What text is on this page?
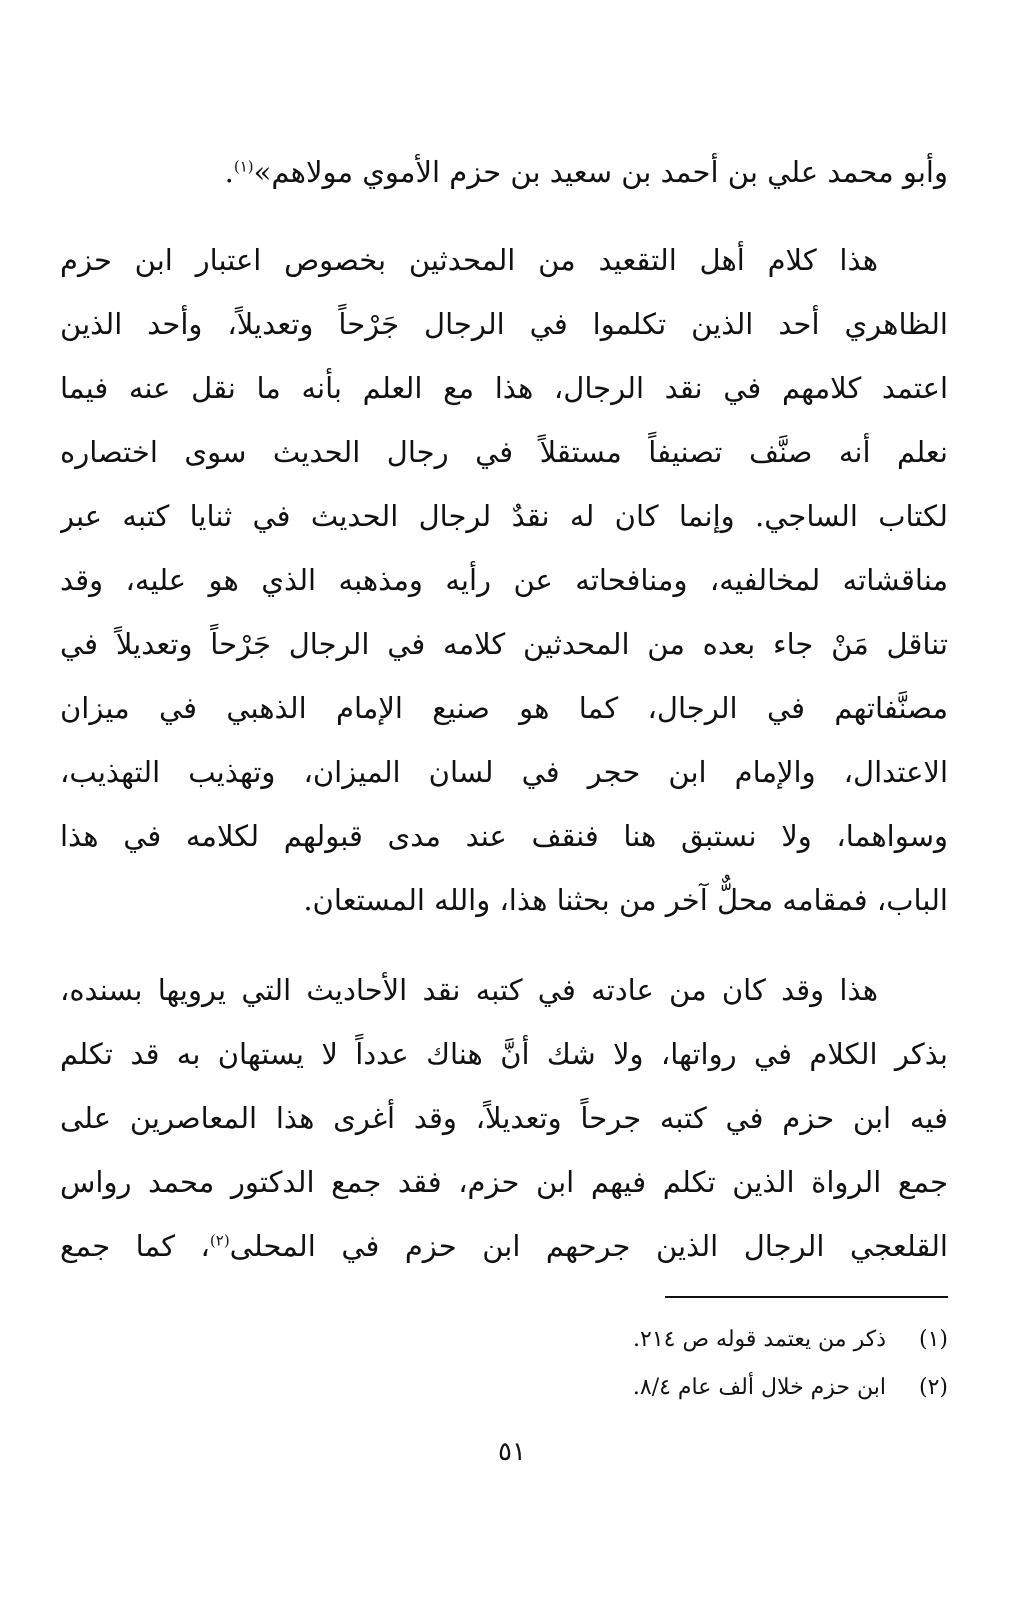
وأبو محمد علي بن أحمد بن سعيد بن حزم الأموي مولاهم»$^{(١)}$.
هذا كلام أهل التقعيد من المحدثين بخصوص اعتبار ابن حزم
الظاهري أحد الذين تكلموا في الرجال جَرْحاً وتعديلاً، وأحد الذين
اعتمد كلامهم في نقد الرجال، هذا مع العلم بأنه ما نقل عنه فيما
نعلم أنه صنَّف تصنيفاً مستقلاً في رجال الحديث سوى اختصاره
لكتاب الساجي. وإنما كان له نقدٌ لرجال الحديث في ثنايا كتبه عبر
مناقشاته لمخالفيه، ومنافحاته عن رأيه ومذهبه الذي هو عليه، وقد
تناقل مَنْ جاء بعده من المحدثين كلامه في الرجال جَرْحاً وتعديلاً في
مصنَّفاتهم في الرجال، كما هو صنيع الإمام الذهبي في ميزان
الاعتدال، والإمام ابن حجر في لسان الميزان، وتهذيب التهذيب،
وسواهما، ولا نستبق هنا فنقف عند مدى قبولهم لكلامه في هذا
الباب، فمقامه محلٌّ آخر من بحثنا هذا، والله المستعان.
هذا وقد كان من عادته في كتبه نقد الأحاديث التي يرويها بسنده،
بذكر الكلام في رواتها، ولا شك أنَّ هناك عدداً لا يستهان به قد تكلم
فيه ابن حزم في كتبه جرحاً وتعديلاً، وقد أغرى هذا المعاصرين على
جمع الرواة الذين تكلم فيهم ابن حزم، فقد جمع الدكتور محمد رواس
القلعجي الرجال الذين جرحهم ابن حزم في المحلى$^{(٢)}$، كما جمع
(١)ذكر من يعتمد قوله ص ٢١٤.
(٢)ابن حزم خلال ألف عام ٨/٤.
٥١
